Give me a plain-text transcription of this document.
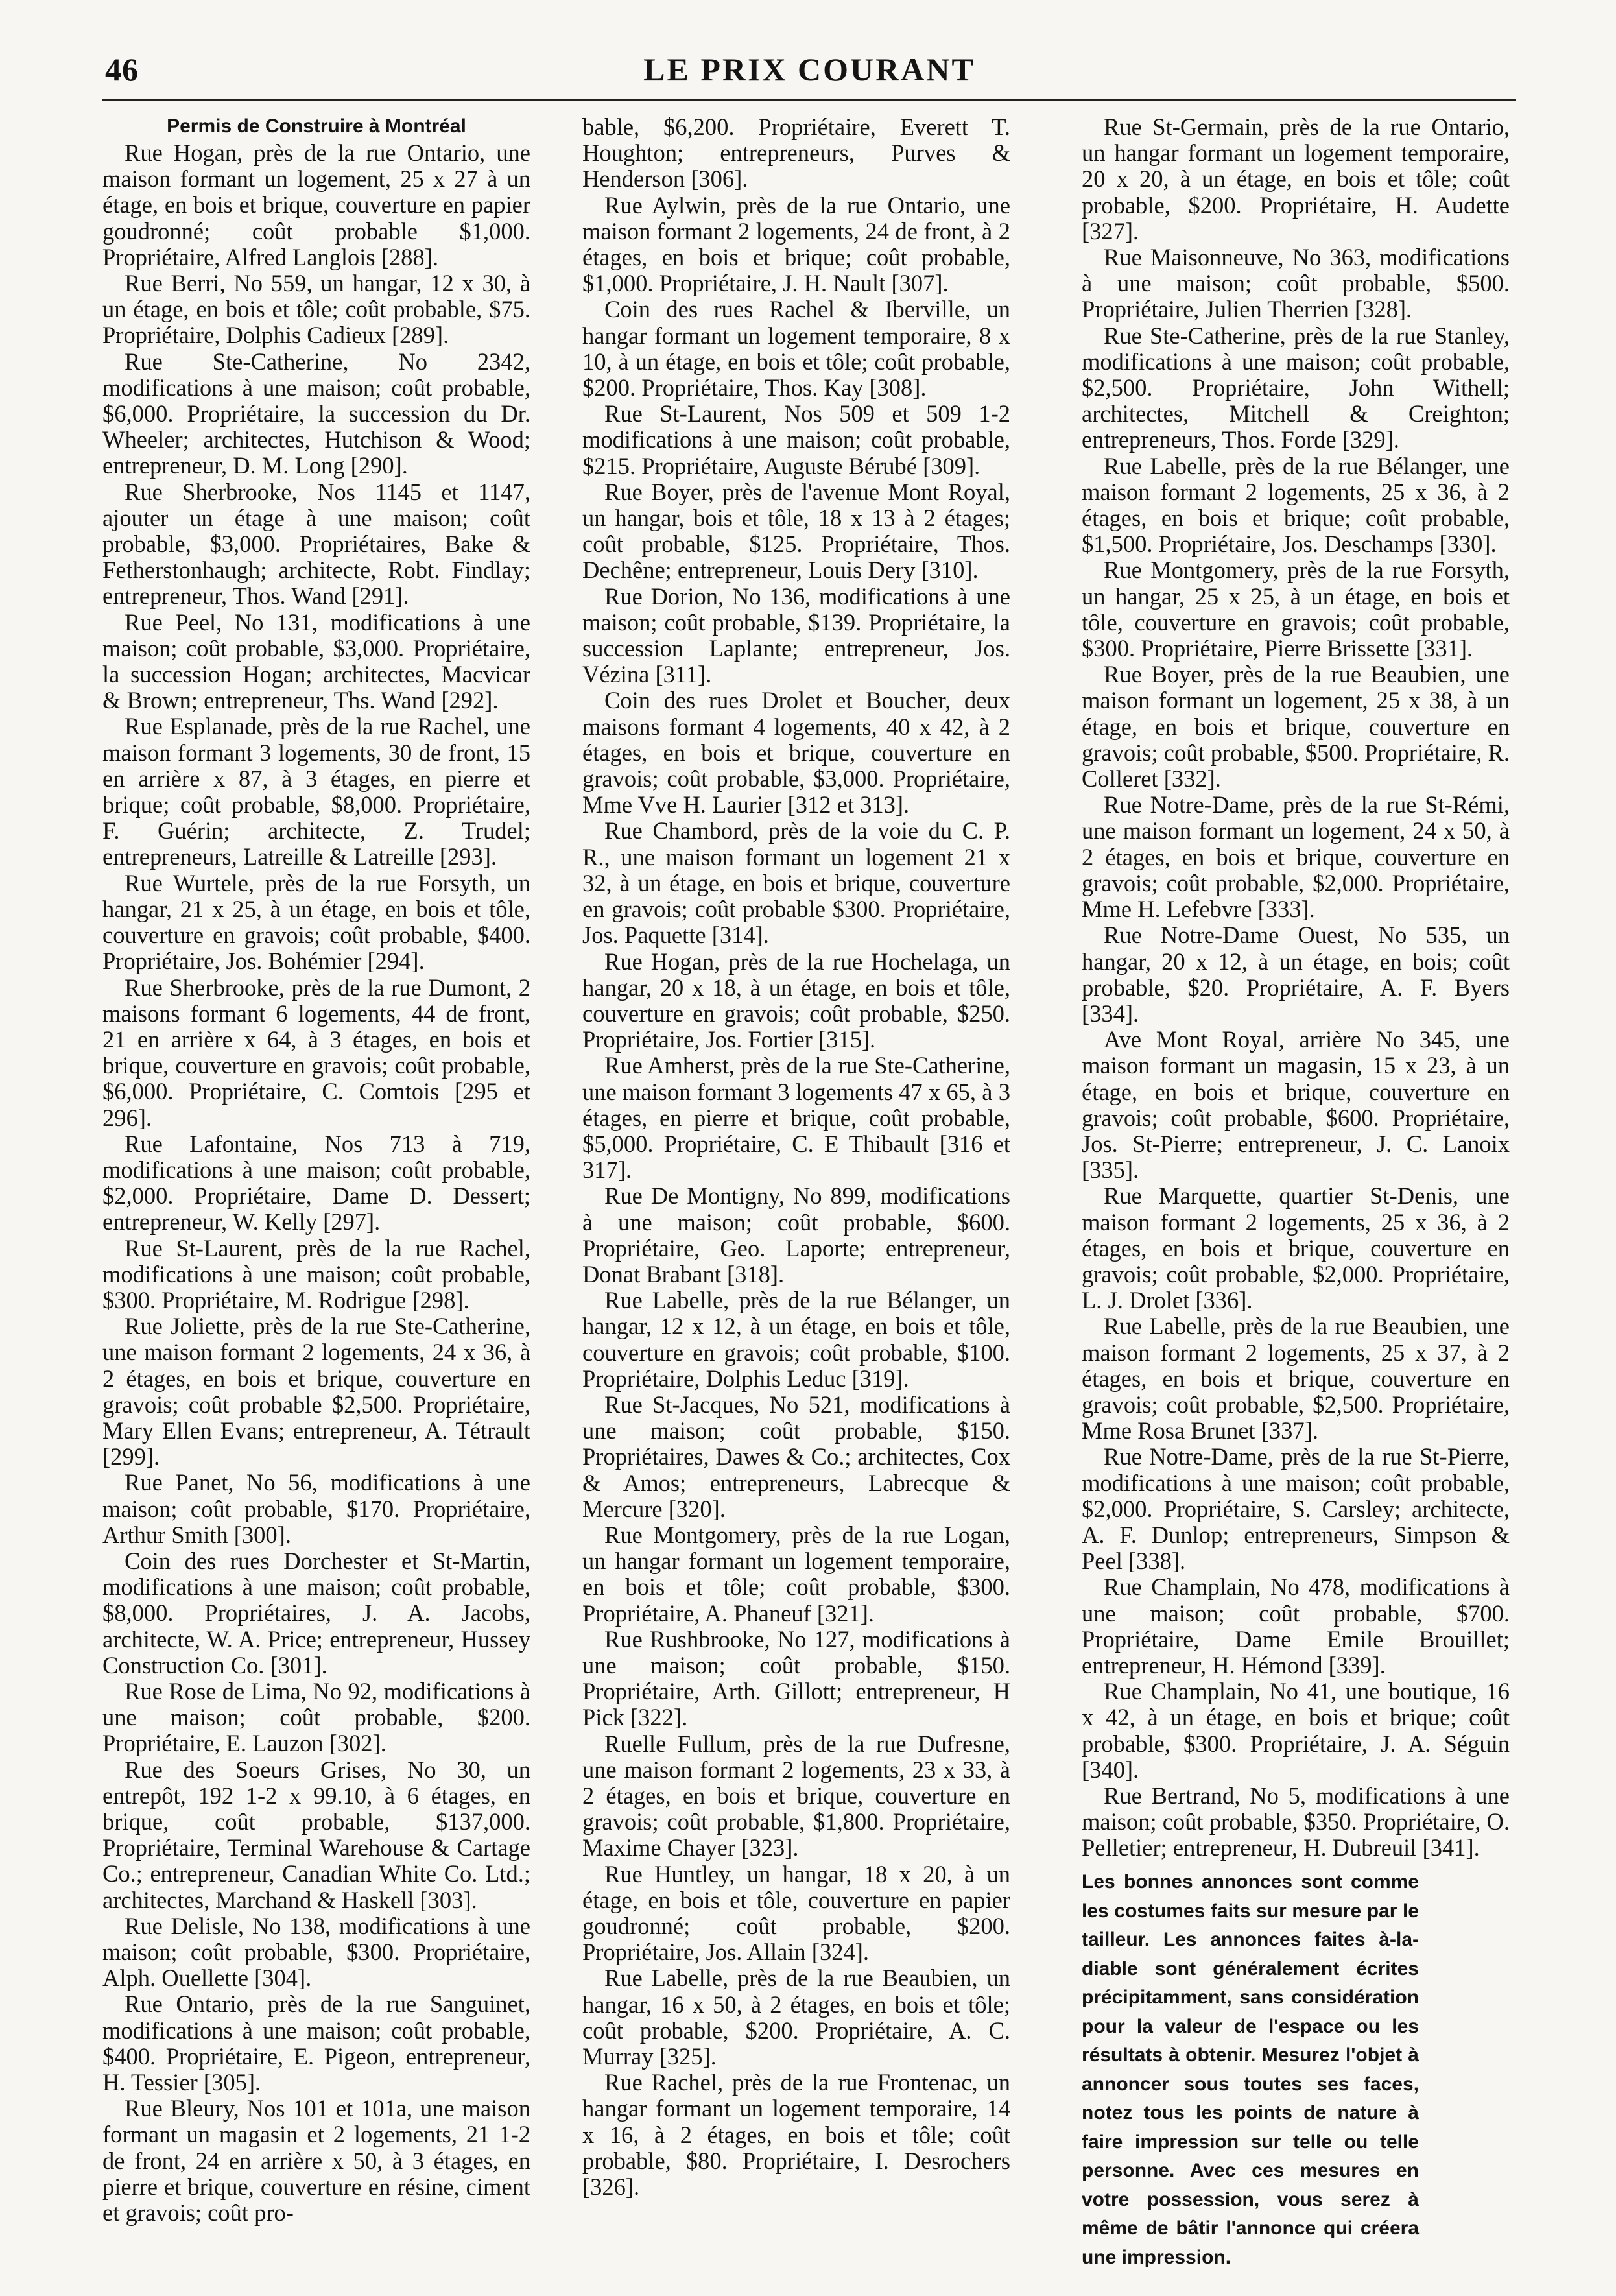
46	LE PRIX COURANT
Permis de Construire à Montréal

Rue Hogan, près de la rue Ontario, une maison formant un logement, 25 x 27 à un étage, en bois et brique, couverture en papier goudronné; coût probable $1,000. Propriétaire, Alfred Langlois [288].

Rue Berri, No 559, un hangar, 12 x 30, à un étage, en bois et tôle; coût probable, $75. Propriétaire, Dolphis Cadieux [289].

Rue Ste-Catherine, No 2342, modifications à une maison; coût probable, $6,000. Propriétaire, la succession du Dr. Wheeler; architectes, Hutchison & Wood; entrepreneur, D. M. Long [290].

Rue Sherbrooke, Nos 1145 et 1147, ajouter un étage à une maison; coût probable, $3,000. Propriétaires, Bake & Fetherstonhaugh; architecte, Robt. Findlay; entrepreneur, Thos. Wand [291].

Rue Peel, No 131, modifications à une maison; coût probable, $3,000. Propriétaire, la succession Hogan; architectes, Macvicar & Brown; entrepreneur, Ths. Wand [292].

Rue Esplanade, près de la rue Rachel, une maison formant 3 logements, 30 de front, 15 en arrière x 87, à 3 étages, en pierre et brique; coût probable, $8,000. Propriétaire, F. Guérin; architecte, Z. Trudel; entrepreneurs, Latreille & Latreille [293].

Rue Wurtele, près de la rue Forsyth, un hangar, 21 x 25, à un étage, en bois et tôle, couverture en gravois; coût probable, $400. Propriétaire, Jos. Bohémier [294].

Rue Sherbrooke, près de la rue Dumont, 2 maisons formant 6 logements, 44 de front, 21 en arrière x 64, à 3 étages, en bois et brique, couverture en gravois; coût probable, $6,000. Propriétaire, C. Comtois [295 et 296].

Rue Lafontaine, Nos 713 à 719, modifications à une maison; coût probable, $2,000. Propriétaire, Dame D. Dessert; entrepreneur, W. Kelly [297].

Rue St-Laurent, près de la rue Rachel, modifications à une maison; coût probable, $300. Propriétaire, M. Rodrigue [298].

Rue Joliette, près de la rue Ste-Catherine, une maison formant 2 logements, 24 x 36, à 2 étages, en bois et brique, couverture en gravois; coût probable $2,500. Propriétaire, Mary Ellen Evans; entrepreneur, A. Tétrault [299].

Rue Panet, No 56, modifications à une maison; coût probable, $170. Propriétaire, Arthur Smith [300].

Coin des rues Dorchester et St-Martin, modifications à une maison; coût probable, $8,000. Propriétaires, J. A. Jacobs, architecte, W. A. Price; entrepreneur, Hussey Construction Co. [301].

Rue Rose de Lima, No 92, modifications à une maison; coût probable, $200. Propriétaire, E. Lauzon [302].

Rue des Soeurs Grises, No 30, un entrepôt, 192 1-2 x 99.10, à 6 étages, en brique, coût probable, $137,000. Propriétaire, Terminal Warehouse & Cartage Co.; entrepreneur, Canadian White Co. Ltd.; architectes, Marchand & Haskell [303].

Rue Delisle, No 138, modifications à une maison; coût probable, $300. Propriétaire, Alph. Ouellette [304].

Rue Ontario, près de la rue Sanguinet, modifications à une maison; coût probable, $400. Propriétaire, E. Pigeon, entrepreneur, H. Tessier [305].

Rue Bleury, Nos 101 et 101a, une maison formant un magasin et 2 logements, 21 1-2 de front, 24 en arrière x 50, à 3 étages, en pierre et brique, couverture en résine, ciment et gravois; coût pro-

bable, $6,200. Propriétaire, Everett T. Houghton; entrepreneurs, Purves & Henderson [306].

Rue Aylwin, près de la rue Ontario, une maison formant 2 logements, 24 de front, à 2 étages, en bois et brique; coût probable, $1,000. Propriétaire, J. H. Nault [307].

Coin des rues Rachel & Iberville, un hangar formant un logement temporaire, 8 x 10, à un étage, en bois et tôle; coût probable, $200. Propriétaire, Thos. Kay [308].

Rue St-Laurent, Nos 509 et 509 1-2 modifications à une maison; coût probable, $215. Propriétaire, Auguste Bérubé [309].

Rue Boyer, près de l'avenue Mont Royal, un hangar, bois et tôle, 18 x 13 à 2 étages; coût probable, $125. Propriétaire, Thos. Dechêne; entrepreneur, Louis Dery [310].

Rue Dorion, No 136, modifications à une maison; coût probable, $139. Propriétaire, la succession Laplante; entrepreneur, Jos. Vézina [311].

Coin des rues Drolet et Boucher, deux maisons formant 4 logements, 40 x 42, à 2 étages, en bois et brique, couverture en gravois; coût probable, $3,000. Propriétaire, Mme Vve H. Laurier [312 et 313].

Rue Chambord, près de la voie du C. P. R., une maison formant un logement 21 x 32, à un étage, en bois et brique, couverture en gravois; coût probable $300. Propriétaire, Jos. Paquette [314].

Rue Hogan, près de la rue Hochelaga, un hangar, 20 x 18, à un étage, en bois et tôle, couverture en gravois; coût probable, $250. Propriétaire, Jos. Fortier [315].

Rue Amherst, près de la rue Ste-Catherine, une maison formant 3 logements 47 x 65, à 3 étages, en pierre et brique, coût probable, $5,000. Propriétaire, C. E Thibault [316 et 317].

Rue De Montigny, No 899, modifications à une maison; coût probable, $600. Propriétaire, Geo. Laporte; entrepreneur, Donat Brabant [318].

Rue Labelle, près de la rue Bélanger, un hangar, 12 x 12, à un étage, en bois et tôle, couverture en gravois; coût probable, $100. Propriétaire, Dolphis Leduc [319].

Rue St-Jacques, No 521, modifications à une maison; coût probable, $150. Propriétaires, Dawes & Co.; architectes, Cox & Amos; entrepreneurs, Labrecque & Mercure [320].

Rue Montgomery, près de la rue Logan, un hangar formant un logement temporaire, en bois et tôle; coût probable, $300. Propriétaire, A. Phaneuf [321].

Rue Rushbrooke, No 127, modifications à une maison; coût probable, $150. Propriétaire, Arth. Gillott; entrepreneur, H Pick [322].

Ruelle Fullum, près de la rue Dufresne, une maison formant 2 logements, 23 x 33, à 2 étages, en bois et brique, couverture en gravois; coût probable, $1,800. Propriétaire, Maxime Chayer [323].

Rue Huntley, un hangar, 18 x 20, à un étage, en bois et tôle, couverture en papier goudronné; coût probable, $200. Propriétaire, Jos. Allain [324].

Rue Labelle, près de la rue Beaubien, un hangar, 16 x 50, à 2 étages, en bois et tôle; coût probable, $200. Propriétaire, A. C. Murray [325].

Rue Rachel, près de la rue Frontenac, un hangar formant un logement temporaire, 14 x 16, à 2 étages, en bois et tôle; coût probable, $80. Propriétaire, I. Desrochers [326].

Rue St-Germain, près de la rue Ontario, un hangar formant un logement temporaire, 20 x 20, à un étage, en bois et tôle; coût probable, $200. Propriétaire, H. Audette [327].

Rue Maisonneuve, No 363, modifications à une maison; coût probable, $500. Propriétaire, Julien Therrien [328].

Rue Ste-Catherine, près de la rue Stanley, modifications à une maison; coût probable, $2,500. Propriétaire, John Withell; architectes, Mitchell & Creighton; entrepreneurs, Thos. Forde [329].

Rue Labelle, près de la rue Bélanger, une maison formant 2 logements, 25 x 36, à 2 étages, en bois et brique; coût probable, $1,500. Propriétaire, Jos. Deschamps [330].

Rue Montgomery, près de la rue Forsyth, un hangar, 25 x 25, à un étage, en bois et tôle, couverture en gravois; coût probable, $300. Propriétaire, Pierre Brissette [331].

Rue Boyer, près de la rue Beaubien, une maison formant un logement, 25 x 38, à un étage, en bois et brique, couverture en gravois; coût probable, $500. Propriétaire, R. Colleret [332].

Rue Notre-Dame, près de la rue St-Rémi, une maison formant un logement, 24 x 50, à 2 étages, en bois et brique, couverture en gravois; coût probable, $2,000. Propriétaire, Mme H. Lefebvre [333].

Rue Notre-Dame Ouest, No 535, un hangar, 20 x 12, à un étage, en bois; coût probable, $20. Propriétaire, A. F. Byers [334].

Ave Mont Royal, arrière No 345, une maison formant un magasin, 15 x 23, à un étage, en bois et brique, couverture en gravois; coût probable, $600. Propriétaire, Jos. St-Pierre; entrepreneur, J. C. Lanoix [335].

Rue Marquette, quartier St-Denis, une maison formant 2 logements, 25 x 36, à 2 étages, en bois et brique, couverture en gravois; coût probable, $2,000. Propriétaire, L. J. Drolet [336].

Rue Labelle, près de la rue Beaubien, une maison formant 2 logements, 25 x 37, à 2 étages, en bois et brique, couverture en gravois; coût probable, $2,500. Propriétaire, Mme Rosa Brunet [337].

Rue Notre-Dame, près de la rue St-Pierre, modifications à une maison; coût probable, $2,000. Propriétaire, S. Carsley; architecte, A. F. Dunlop; entrepreneurs, Simpson & Peel [338].

Rue Champlain, No 478, modifications à une maison; coût probable, $700. Propriétaire, Dame Emile Brouillet; entrepreneur, H. Hémond [339].

Rue Champlain, No 41, une boutique, 16 x 42, à un étage, en bois et brique; coût probable, $300. Propriétaire, J. A. Séguin [340].

Rue Bertrand, No 5, modifications à une maison; coût probable, $350. Propriétaire, O. Pelletier; entrepreneur, H. Dubreuil [341].

Les bonnes annonces sont comme les costumes faits sur mesure par le tailleur. Les annonces faites à-la-diable sont généralement écrites précipitamment, sans considération pour la valeur de l'espace ou les résultats à obtenir. Mesurez l'objet à annoncer sous toutes ses faces, notez tous les points de nature à faire impression sur telle ou telle personne. Avec ces mesures en votre possession, vous serez à même de bâtir l'annonce qui créera une impression.
